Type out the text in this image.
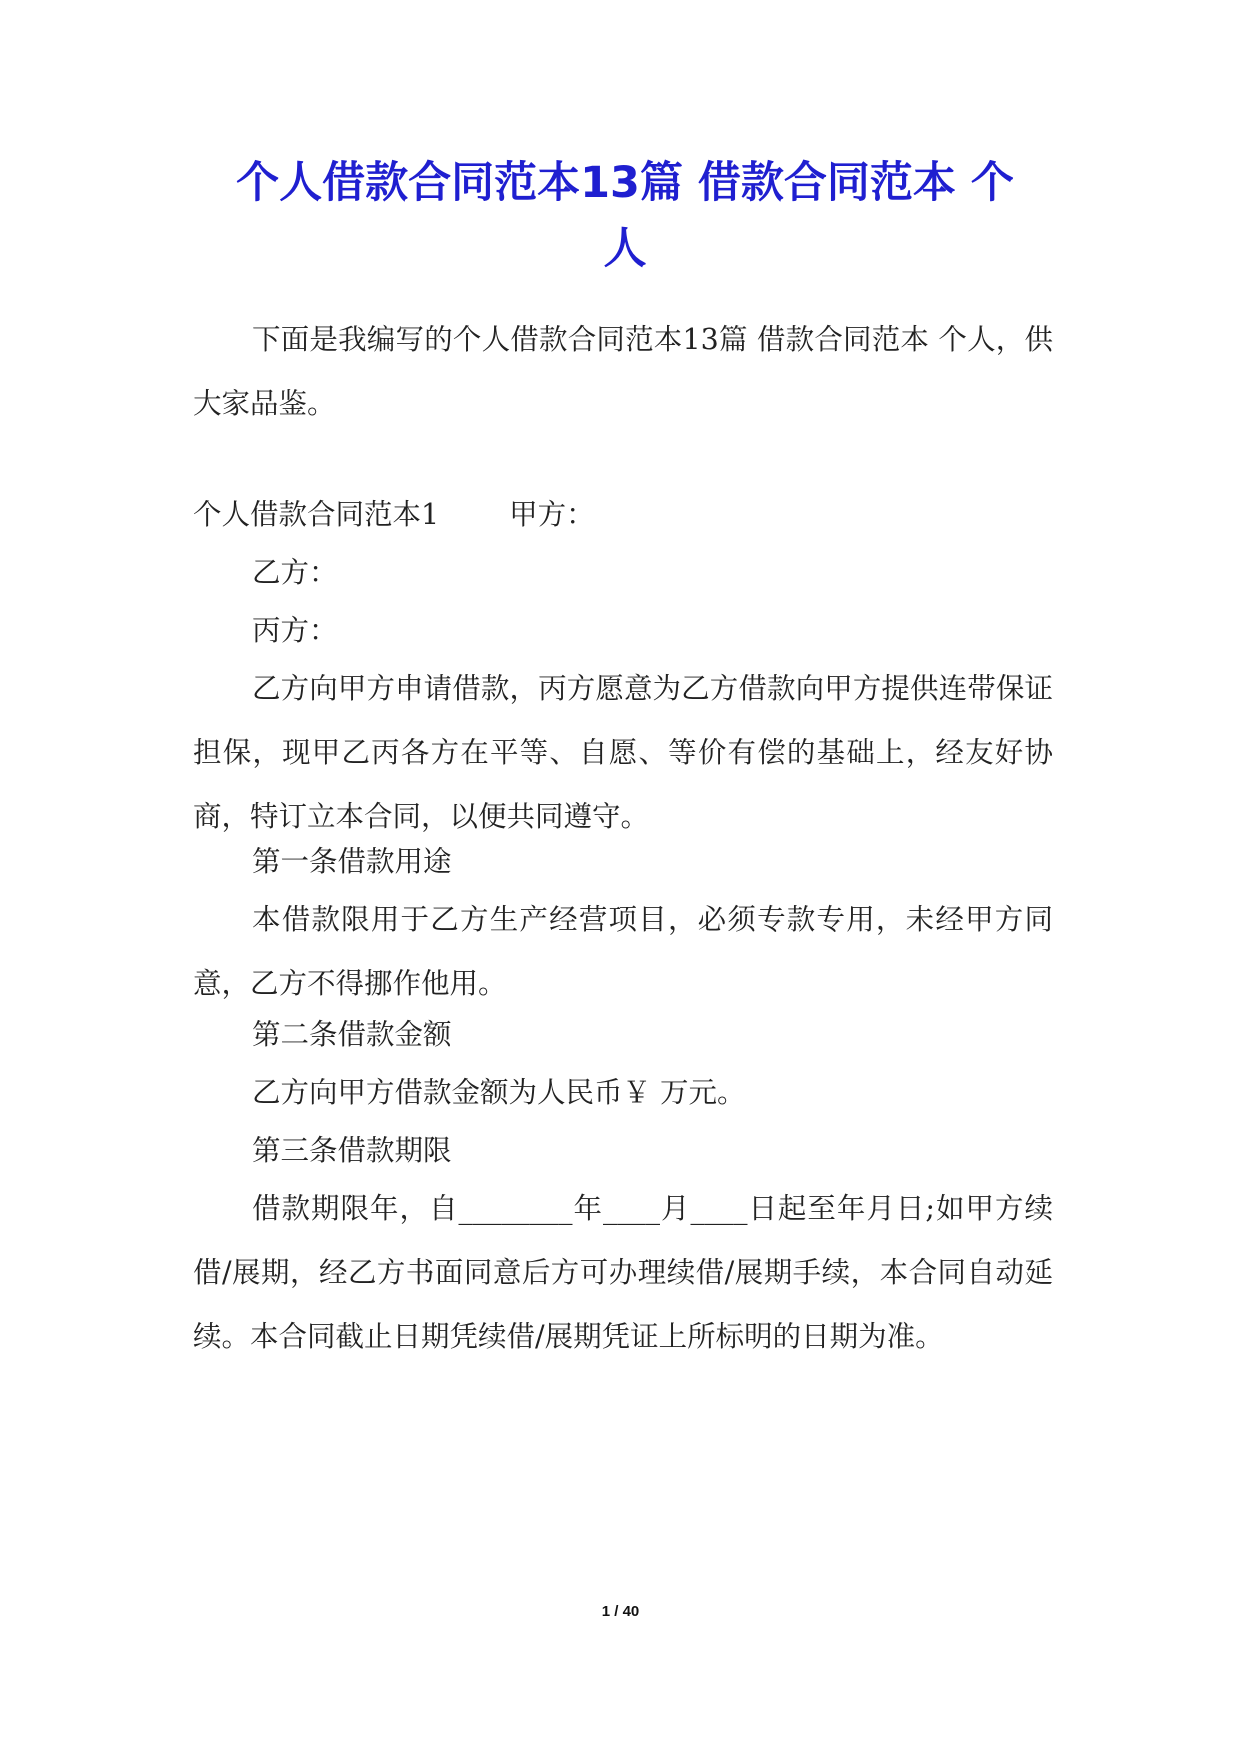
个人借款合同范本13篇 借款合同范本 个
人

下面是我编写的个人借款合同范本13篇 借款合同范本 个人，供大家品鉴。

个人借款合同范本1 甲方：

乙方：

丙方：

乙方向甲方申请借款，丙方愿意为乙方借款向甲方提供连带保证担保，现甲乙丙各方在平等、自愿、等价有偿的基础上，经友好协商，特订立本合同，以便共同遵守。

第一条借款用途

本借款限用于乙方生产经营项目，必须专款专用，未经甲方同意，乙方不得挪作他用。

第二条借款金额

乙方向甲方借款金额为人民币￥ 万元。

第三条借款期限

借款期限年，自________年____月____日起至年月日;如甲方续借/展期，经乙方书面同意后方可办理续借/展期手续，本合同自动延续。本合同截止日期凭续借/展期凭证上所标明的日期为准。

1 / 40
